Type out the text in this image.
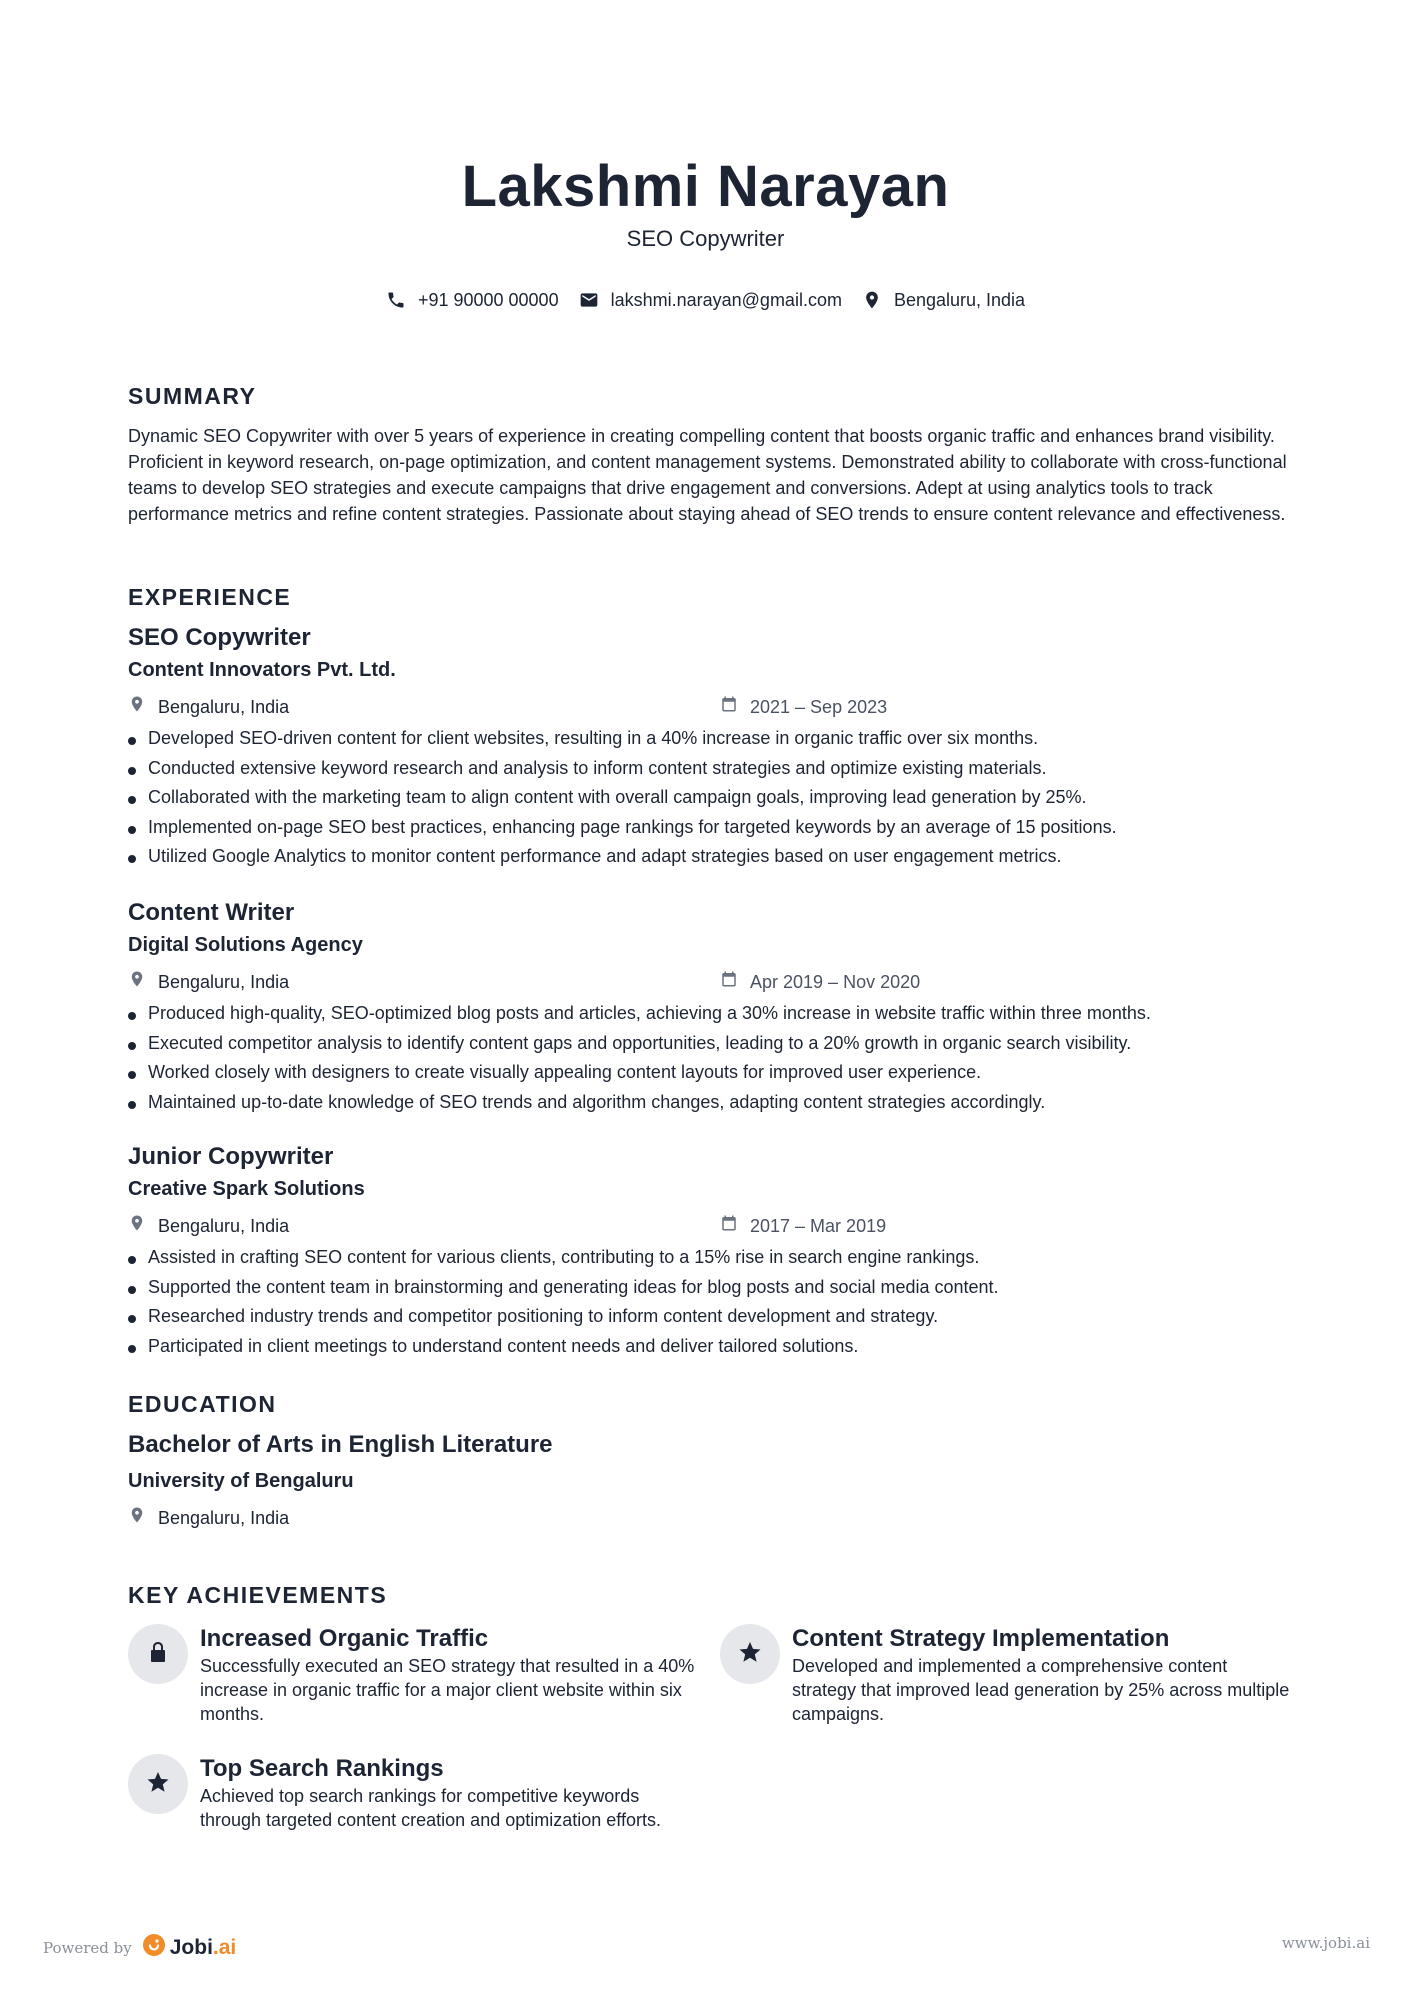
Lakshmi Narayan
SEO Copywriter
+91 90000 00000	lakshmi.narayan@gmail.com	Bengaluru, India
SUMMARY
Dynamic SEO Copywriter with over 5 years of experience in creating compelling content that boosts organic traffic and enhances brand visibility. Proficient in keyword research, on-page optimization, and content management systems. Demonstrated ability to collaborate with cross-functional teams to develop SEO strategies and execute campaigns that drive engagement and conversions. Adept at using analytics tools to track performance metrics and refine content strategies. Passionate about staying ahead of SEO trends to ensure content relevance and effectiveness.
EXPERIENCE
SEO Copywriter
Content Innovators Pvt. Ltd.
Bengaluru, India	2021 – Sep 2023
Developed SEO-driven content for client websites, resulting in a 40% increase in organic traffic over six months.
Conducted extensive keyword research and analysis to inform content strategies and optimize existing materials.
Collaborated with the marketing team to align content with overall campaign goals, improving lead generation by 25%.
Implemented on-page SEO best practices, enhancing page rankings for targeted keywords by an average of 15 positions.
Utilized Google Analytics to monitor content performance and adapt strategies based on user engagement metrics.
Content Writer
Digital Solutions Agency
Bengaluru, India	Apr 2019 – Nov 2020
Produced high-quality, SEO-optimized blog posts and articles, achieving a 30% increase in website traffic within three months.
Executed competitor analysis to identify content gaps and opportunities, leading to a 20% growth in organic search visibility.
Worked closely with designers to create visually appealing content layouts for improved user experience.
Maintained up-to-date knowledge of SEO trends and algorithm changes, adapting content strategies accordingly.
Junior Copywriter
Creative Spark Solutions
Bengaluru, India	2017 – Mar 2019
Assisted in crafting SEO content for various clients, contributing to a 15% rise in search engine rankings.
Supported the content team in brainstorming and generating ideas for blog posts and social media content.
Researched industry trends and competitor positioning to inform content development and strategy.
Participated in client meetings to understand content needs and deliver tailored solutions.
EDUCATION
Bachelor of Arts in English Literature
University of Bengaluru
Bengaluru, India
KEY ACHIEVEMENTS
Increased Organic Traffic
Successfully executed an SEO strategy that resulted in a 40% increase in organic traffic for a major client website within six months.
Content Strategy Implementation
Developed and implemented a comprehensive content strategy that improved lead generation by 25% across multiple campaigns.
Top Search Rankings
Achieved top search rankings for competitive keywords through targeted content creation and optimization efforts.
Powered by Jobi .ai	www.jobi.ai
